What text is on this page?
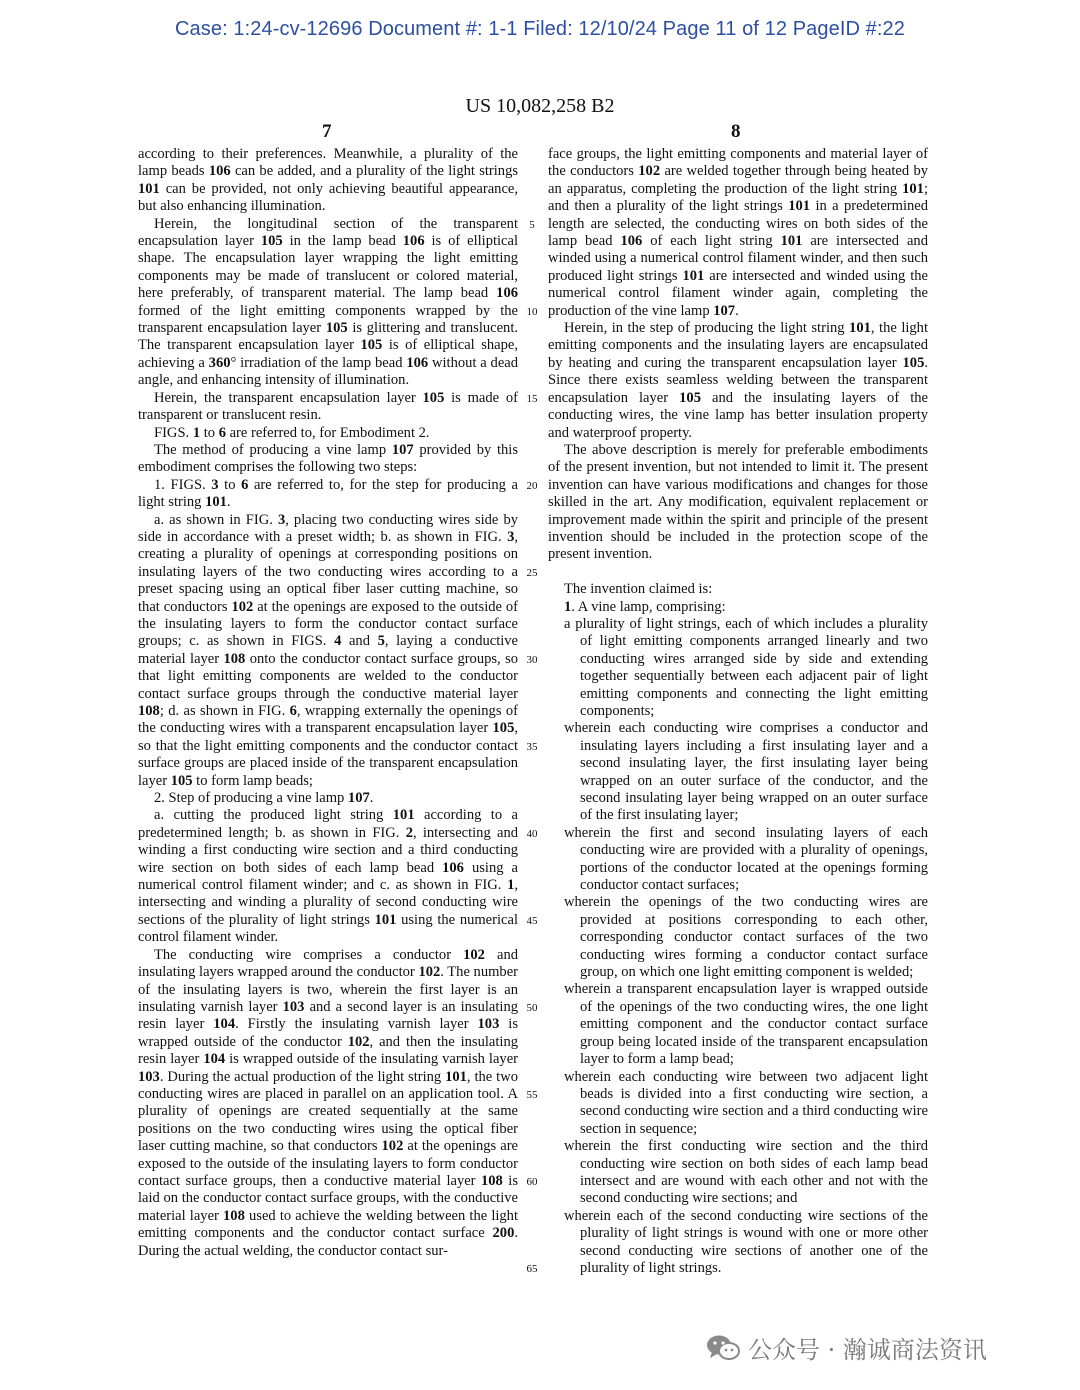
Case: 1:24-cv-12696 Document #: 1-1 Filed: 12/10/24 Page 11 of 12 PageID #:22
US 10,082,258 B2
7	8

according to their preferences. Meanwhile, a plurality of the lamp beads 106 can be added, and a plurality of the light strings 101 can be provided, not only achieving beautiful appearance, but also enhancing illumination.

Herein, the longitudinal section of the transparent encapsulation layer 105 in the lamp bead 106 is of elliptical shape. The encapsulation layer wrapping the light emitting components may be made of translucent or colored material, here preferably, of transparent material. The lamp bead 106 formed of the light emitting components wrapped by the transparent encapsulation layer 105 is glittering and translucent. The transparent encapsulation layer 105 is of elliptical shape, achieving a 360° irradiation of the lamp bead 106 without a dead angle, and enhancing intensity of illumination.

Herein, the transparent encapsulation layer 105 is made of transparent or translucent resin.

FIGS. 1 to 6 are referred to, for Embodiment 2.

The method of producing a vine lamp 107 provided by this embodiment comprises the following two steps:

1. FIGS. 3 to 6 are referred to, for the step for producing a light string 101.

a. as shown in FIG. 3, placing two conducting wires side by side in accordance with a preset width; b. as shown in FIG. 3, creating a plurality of openings at corresponding positions on insulating layers of the two conducting wires according to a preset spacing using an optical fiber laser cutting machine, so that conductors 102 at the openings are exposed to the outside of the insulating layers to form the conductor contact surface groups; c. as shown in FIGS. 4 and 5, laying a conductive material layer 108 onto the conductor contact surface groups, so that light emitting components are welded to the conductor contact surface groups through the conductive material layer 108; d. as shown in FIG. 6, wrapping externally the openings of the conducting wires with a transparent encapsulation layer 105, so that the light emitting components and the conductor contact surface groups are placed inside of the transparent encapsulation layer 105 to form lamp beads;

2. Step of producing a vine lamp 107.

a. cutting the produced light string 101 according to a predetermined length; b. as shown in FIG. 2, intersecting and winding a first conducting wire section and a third conducting wire section on both sides of each lamp bead 106 using a numerical control filament winder; and c. as shown in FIG. 1, intersecting and winding a plurality of second conducting wire sections of the plurality of light strings 101 using the numerical control filament winder.

The conducting wire comprises a conductor 102 and insulating layers wrapped around the conductor 102. The number of the insulating layers is two, wherein the first layer is an insulating varnish layer 103 and a second layer is an insulating resin layer 104. Firstly the insulating varnish layer 103 is wrapped outside of the conductor 102, and then the insulating resin layer 104 is wrapped outside of the insulating varnish layer 103. During the actual production of the light string 101, the two conducting wires are placed in parallel on an application tool. A plurality of openings are created sequentially at the same positions on the two conducting wires using the optical fiber laser cutting machine, so that conductors 102 at the openings are exposed to the outside of the insulating layers to form conductor contact surface groups, then a conductive material layer 108 is laid on the conductor contact surface groups, with the conductive material layer 108 used to achieve the welding between the light emitting components and the conductor contact surface 200. During the actual welding, the conductor contact sur-

face groups, the light emitting components and material layer of the conductors 102 are welded together through being heated by an apparatus, completing the production of the light string 101; and then a plurality of the light strings 101 in a predetermined length are selected, the conducting wires on both sides of the lamp bead 106 of each light string 101 are intersected and winded using a numerical control filament winder, and then such produced light strings 101 are intersected and winded using the numerical control filament winder again, completing the production of the vine lamp 107.

Herein, in the step of producing the light string 101, the light emitting components and the insulating layers are encapsulated by heating and curing the transparent encapsulation layer 105. Since there exists seamless welding between the transparent encapsulation layer 105 and the insulating layers of the conducting wires, the vine lamp has better insulation property and waterproof property.

The above description is merely for preferable embodiments of the present invention, but not intended to limit it. The present invention can have various modifications and changes for those skilled in the art. Any modification, equivalent replacement or improvement made within the spirit and principle of the present invention should be included in the protection scope of the present invention.

The invention claimed is:

1. A vine lamp, comprising:

a plurality of light strings, each of which includes a plurality of light emitting components arranged linearly and two conducting wires arranged side by side and extending together sequentially between each adjacent pair of light emitting components and connecting the light emitting components;

wherein each conducting wire comprises a conductor and insulating layers including a first insulating layer and a second insulating layer, the first insulating layer being wrapped on an outer surface of the conductor, and the second insulating layer being wrapped on an outer surface of the first insulating layer;

wherein the first and second insulating layers of each conducting wire are provided with a plurality of openings, portions of the conductor located at the openings forming conductor contact surfaces;

wherein the openings of the two conducting wires are provided at positions corresponding to each other, corresponding conductor contact surfaces of the two conducting wires forming a conductor contact surface group, on which one light emitting component is welded;

wherein a transparent encapsulation layer is wrapped outside of the openings of the two conducting wires, the one light emitting component and the conductor contact surface group being located inside of the transparent encapsulation layer to form a lamp bead;

wherein each conducting wire between two adjacent light beads is divided into a first conducting wire section, a second conducting wire section and a third conducting wire section in sequence;

wherein the first conducting wire section and the third conducting wire section on both sides of each lamp bead intersect and are wound with each other and not with the second conducting wire sections; and

wherein each of the second conducting wire sections of the plurality of light strings is wound with one or more other second conducting wire sections of another one of the plurality of light strings.

5
10
15
20
25
30
35
40
45
50
55
60
65
公众号 · 瀚诚商法资讯
